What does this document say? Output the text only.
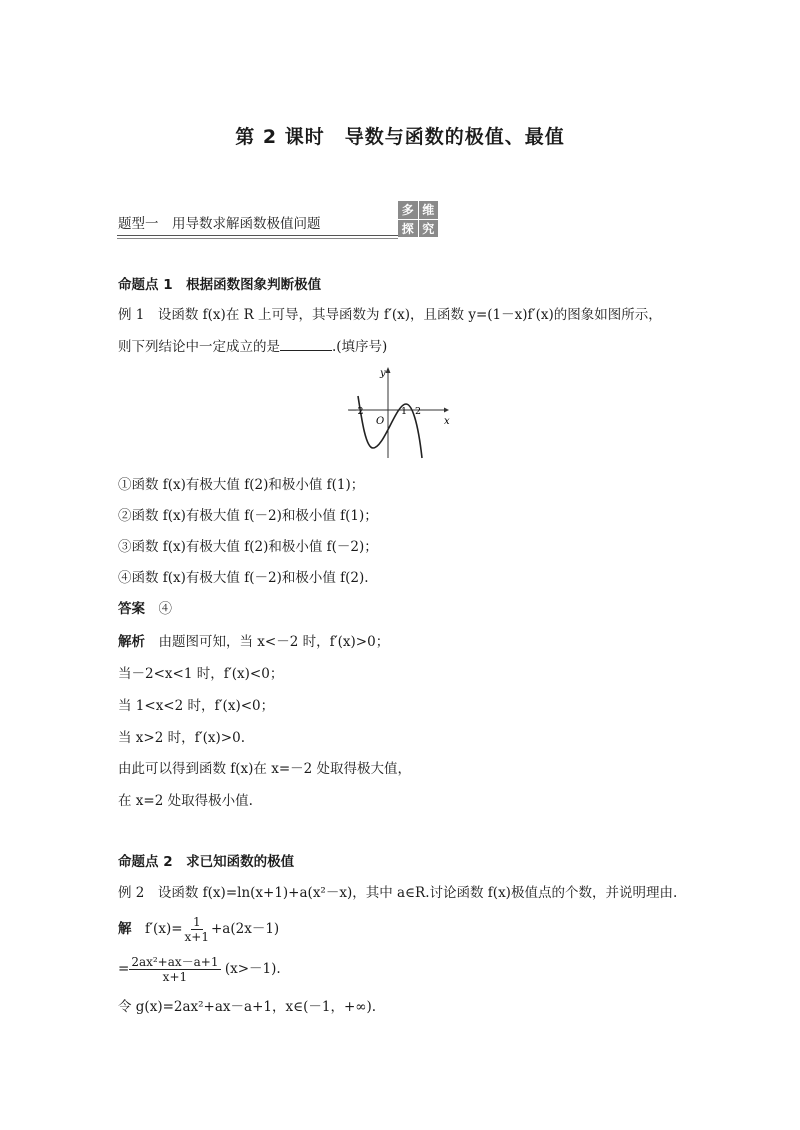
第 2 课时　导数与函数的极值、最值
题型一　用导数求解函数极值问题
多 维
探 究
命题点 1　根据函数图象判断极值
例 1　设函数 f(x)在 R 上可导，其导函数为 f′(x)，且函数 y=(1－x)f′(x)的图象如图所示，
则下列结论中一定成立的是	.(填序号)
x
y
O
－2	1 2
①函数 f(x)有极大值 f(2)和极小值 f(1)；
②函数 f(x)有极大值 f(－2)和极小值 f(1)；
③函数 f(x)有极大值 f(2)和极小值 f(－2)；
④函数 f(x)有极大值 f(－2)和极小值 f(2).
答案　 ④
解析　 由题图可知，当 x<－2 时，f′(x)>0；
当－2<x<1 时，f′(x)<0；
当 1<x<2 时，f′(x)<0；
当 x>2 时，f′(x)>0.
由此可以得到函数 f(x)在 x=－2 处取得极大值，
在 x=2 处取得极小值.
命题点 2　求已知函数的极值
例 2　设函数 f(x)=ln(x+1)+a(x²－x)，其中 a∈R.讨论函数 f(x)极值点的个数，并说明理由.
解
　 $f'(x)= \frac{1}{x+1} +a(2x-1)$
= $\frac{\text{2ax²+ax－a+1}}{x+1}$
(x>－1).
令 g(x)=2ax²+ax－a+1，x∈(－1，+∞).
